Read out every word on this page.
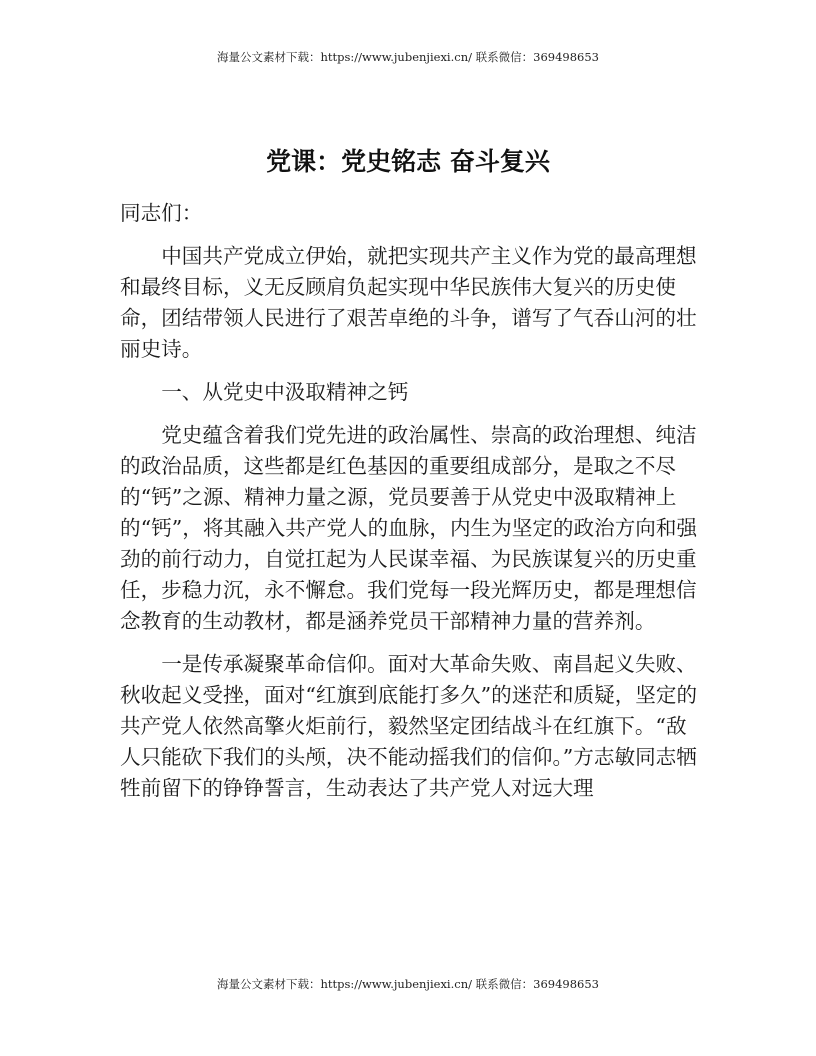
海量公文素材下载：https://www.jubenjiexi.cn/ 联系微信：369498653
党课：党史铭志 奋斗复兴

同志们：

中国共产党成立伊始，就把实现共产主义作为党的最高理想和最终目标，义无反顾肩负起实现中华民族伟大复兴的历史使命，团结带领人民进行了艰苦卓绝的斗争，谱写了气吞山河的壮丽史诗。

一、从党史中汲取精神之钙

党史蕴含着我们党先进的政治属性、崇高的政治理想、纯洁的政治品质，这些都是红色基因的重要组成部分，是取之不尽的“钙”之源、精神力量之源，党员要善于从党史中汲取精神上的“钙”，将其融入共产党人的血脉，内生为坚定的政治方向和强劲的前行动力，自觉扛起为人民谋幸福、为民族谋复兴的历史重任，步稳力沉，永不懈怠。我们党每一段光辉历史，都是理想信念教育的生动教材，都是涵养党员干部精神力量的营养剂。

一是传承凝聚革命信仰。面对大革命失败、南昌起义失败、秋收起义受挫，面对“红旗到底能打多久”的迷茫和质疑，坚定的共产党人依然高擎火炬前行，毅然坚定团结战斗在红旗下。“敌人只能砍下我们的头颅，决不能动摇我们的信仰。”方志敏同志牺牲前留下的铮铮誓言，生动表达了共产党人对远大理

海量公文素材下载：https://www.jubenjiexi.cn/ 联系微信：369498653
